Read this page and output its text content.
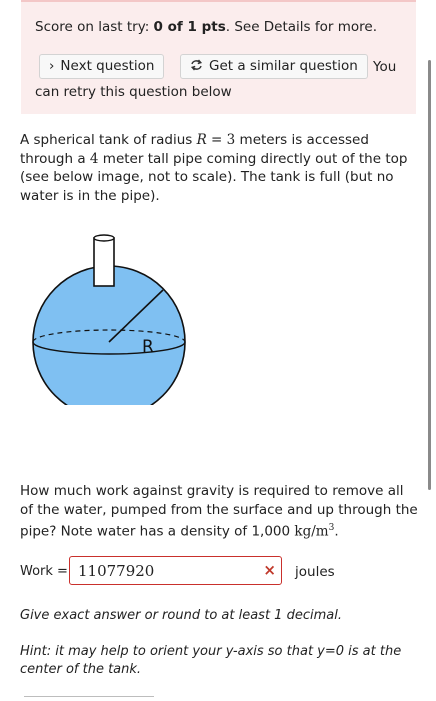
Score on last try: 0 of 1 pts. See Details for more.
› Next question	Get a similar question	You
can retry this question below
A spherical tank of radius R = 3 meters is accessed through a 4 meter tall pipe coming directly out of the top (see below image, not to scale). The tank is full (but no water is in the pipe).
R
How much work against gravity is required to remove all of the water, pumped from the surface and up through the pipe? Note water has a density of 1,000 $kg/m^3$.
Work = 11077920	× joules
Give exact answer or round to at least 1 decimal.
Hint: it may help to orient your y-axis so that y=0 is at the center of the tank.
